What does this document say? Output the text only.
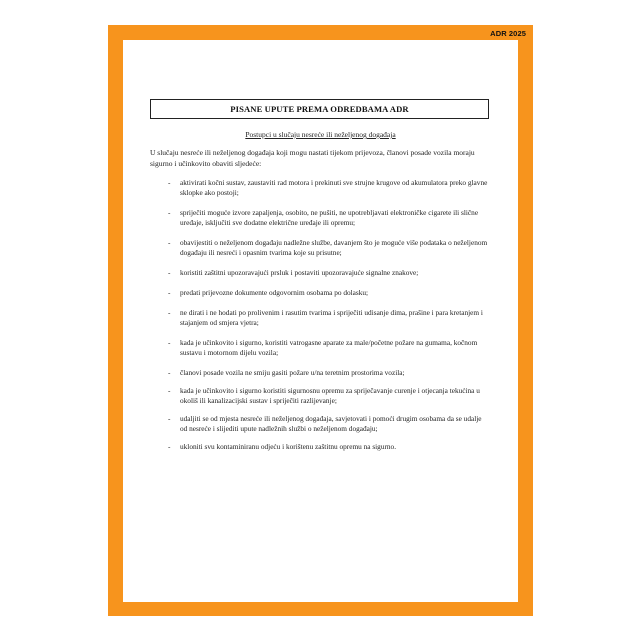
ADR 2025
PISANE UPUTE PREMA ODREDBAMA ADR
Postupci u slučaju nesreće ili neželjenog događaja
U slučaju nesreće ili neželjenog događaja koji mogu nastati tijekom prijevoza, članovi posade vozila moraju sigurno i učinkovito obaviti sljedeće:
- aktivirati kočni sustav, zaustaviti rad motora i prekinuti sve strujne krugove od akumulatora preko glavne sklopke ako postoji;
- spriječiti moguće izvore zapaljenja, osobito, ne pušiti, ne upotrebljavati elektroničke cigarete ili slične uređaje, isključiti sve dodatne električne uređaje ili opremu;
- obavijestiti o neželjenom događaju nadležne službe, davanjem što je moguće više podataka o neželjenom događaju ili nesreći i opasnim tvarima koje su prisutne;
- koristiti zaštitni upozoravajući prsluk i postaviti upozoravajuće signalne znakove;
- predati prijevozne dokumente odgovornim osobama po dolasku;
- ne dirati i ne hodati po prolivenim i rasutim tvarima i spriječiti udisanje dima, prašine i para kretanjem i stajanjem od smjera vjetra;
- kada je učinkovito i sigurno, koristiti vatrogasne aparate za male/početne požare na gumama, kočnom sustavu i motornom dijelu vozila;
- članovi posade vozila ne smiju gasiti požare u/na teretnim prostorima vozila;
- kada je učinkovito i sigurno koristiti sigurnosnu opremu za spriječavanje curenje i otjecanja tekućina u okoliš ili kanalizacijski sustav i spriječiti razlijevanje;
- udaljiti se od mjesta nesreće ili neželjenog događaja, savjetovati i pomoći drugim osobama da se udalje od nesreće i slijediti upute nadležnih službi o neželjenom događaju;
- ukloniti svu kontaminiranu odjeću i korištenu zaštitnu opremu na sigurno.
